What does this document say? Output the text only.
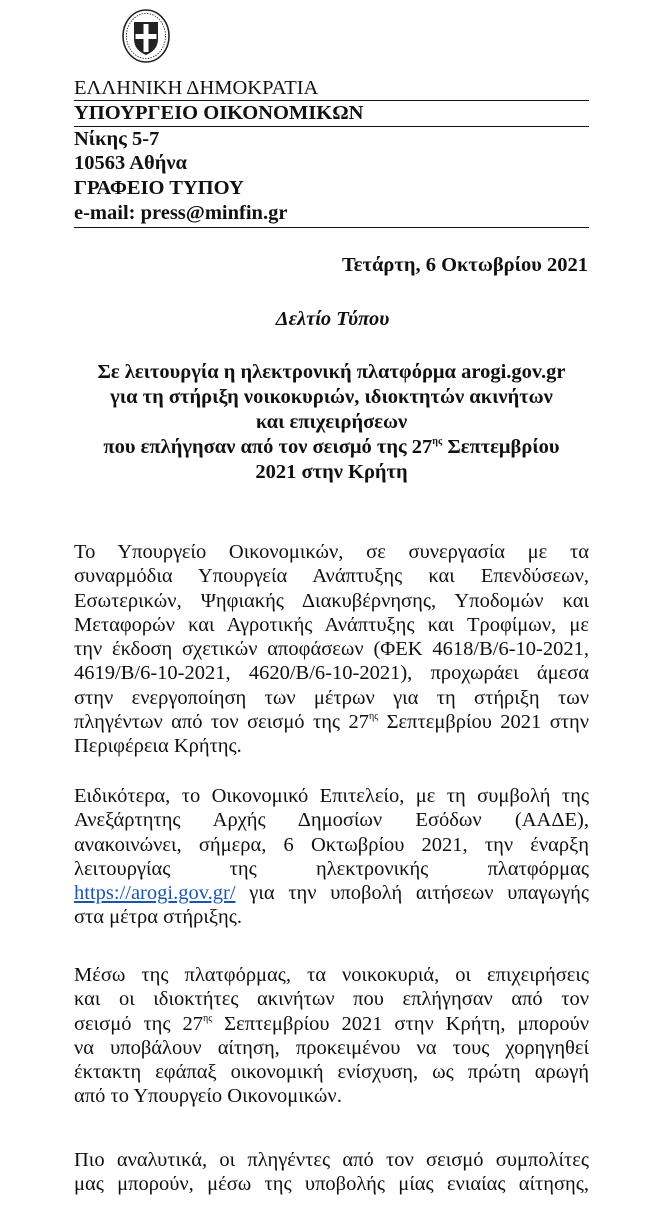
ΕΛΛΗΝΙΚΗ ΔΗΜΟΚΡΑΤΙΑ
ΥΠΟΥΡΓΕΙΟ ΟΙΚΟΝΟΜΙΚΩΝ
Νίκης 5-7
10563 Αθήνα
ΓΡΑΦΕΙΟ ΤΥΠΟΥ
e-mail: press@minfin.gr
Τετάρτη, 6 Οκτωβρίου 2021
Δελτίο Τύπου
Σε λειτουργία η ηλεκτρονική πλατφόρμα arogi.gov.gr
για τη στήριξη νοικοκυριών, ιδιοκτητών ακινήτων
και επιχειρήσεων
που επλήγησαν από τον σεισμό της $27^{\eta\varsigma}$ Σεπτεμβρίου
2021 στην Κρήτη
Το Υπουργείο Οικονομικών, σε συνεργασία με τα
συναρμόδια Υπουργεία Ανάπτυξης και Επενδύσεων,
Εσωτερικών, Ψηφιακής Διακυβέρνησης, Υποδομών και
Μεταφορών και Αγροτικής Ανάπτυξης και Τροφίμων, με
την έκδοση σχετικών αποφάσεων (ΦΕΚ 4618/Β/6-10-2021,
4619/Β/6-10-2021, 4620/Β/6-10-2021), προχωράει άμεσα
στην ενεργοποίηση των μέτρων για τη στήριξη των
πληγέντων από τον σεισμό της $27^{\eta\varsigma}$ Σεπτεμβρίου 2021 στην
Περιφέρεια Κρήτης.
Ειδικότερα, το Οικονομικό Επιτελείο, με τη συμβολή της
Ανεξάρτητης Αρχής Δημοσίων Εσόδων (ΑΑΔΕ),
ανακοινώνει, σήμερα, 6 Οκτωβρίου 2021, την έναρξη
λειτουργίας της ηλεκτρονικής πλατφόρμας
https://arogi.gov.gr/ για την υποβολή αιτήσεων υπαγωγής
στα μέτρα στήριξης.
Μέσω της πλατφόρμας, τα νοικοκυριά, οι επιχειρήσεις
και οι ιδιοκτήτες ακινήτων που επλήγησαν από τον
σεισμό της $27^{\eta\varsigma}$ Σεπτεμβρίου 2021 στην Κρήτη, μπορούν
να υποβάλουν αίτηση, προκειμένου να τους χορηγηθεί
έκτακτη εφάπαξ οικονομική ενίσχυση, ως πρώτη αρωγή
από το Υπουργείο Οικονομικών.
Πιο αναλυτικά, οι πληγέντες από τον σεισμό συμπολίτες
μας μπορούν, μέσω της υποβολής μίας ενιαίας αίτησης,
